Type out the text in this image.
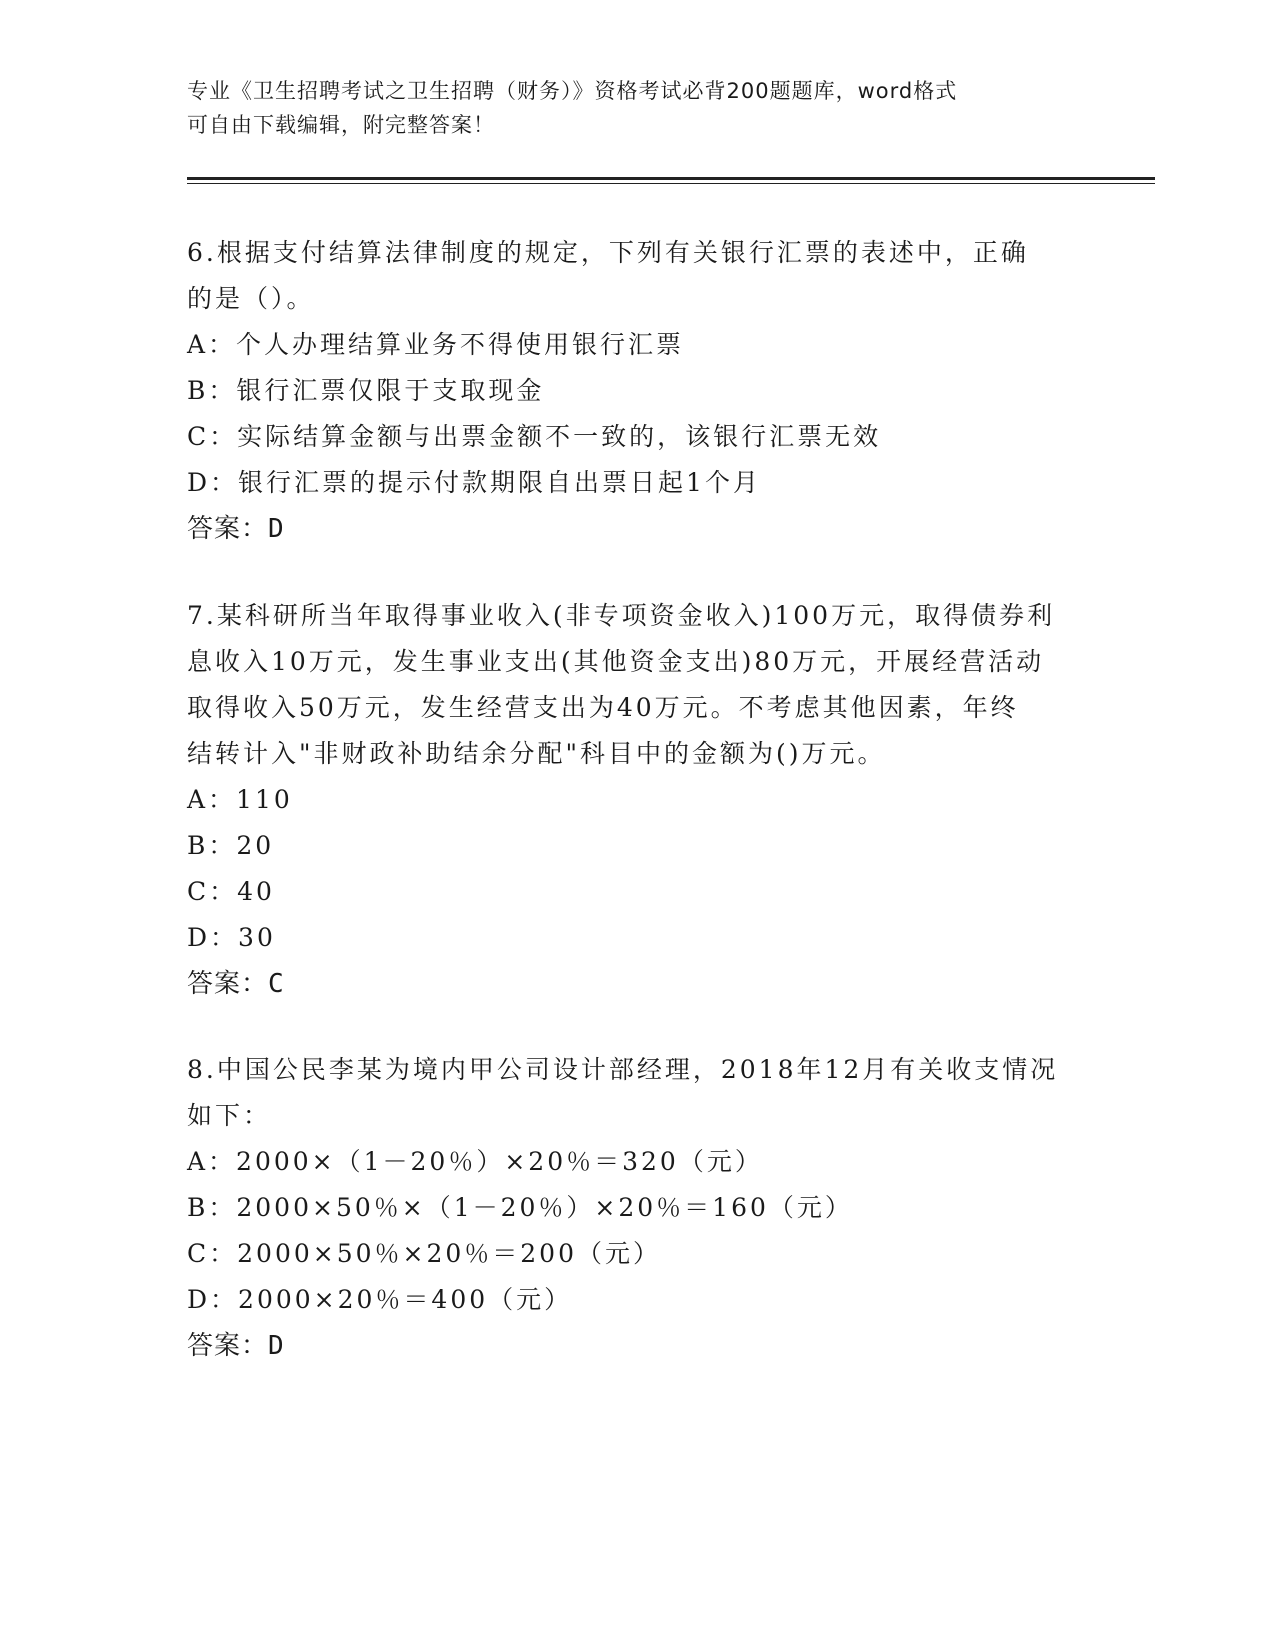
专业《卫生招聘考试之卫生招聘（财务）》资格考试必背200题题库，word格式
可自由下载编辑，附完整答案！
6.根据支付结算法律制度的规定，下列有关银行汇票的表述中，正确
的是（）。
A：个人办理结算业务不得使用银行汇票
B：银行汇票仅限于支取现金
C：实际结算金额与出票金额不一致的，该银行汇票无效
D：银行汇票的提示付款期限自出票日起1个月
答案：D
7.某科研所当年取得事业收入(非专项资金收入)100万元，取得债券利
息收入10万元，发生事业支出(其他资金支出)80万元，开展经营活动
取得收入50万元，发生经营支出为40万元。不考虑其他因素，年终
结转计入"非财政补助结余分配"科目中的金额为()万元。
A：110
B：20
C：40
D：30
答案：C
8.中国公民李某为境内甲公司设计部经理，2018年12月有关收支情况
如下：
A：2000×（1－20％）×20％＝320（元）
B：2000×50％×（1－20％）×20％＝160（元）
C：2000×50％×20％＝200（元）
D：2000×20％＝400（元）
答案：D
